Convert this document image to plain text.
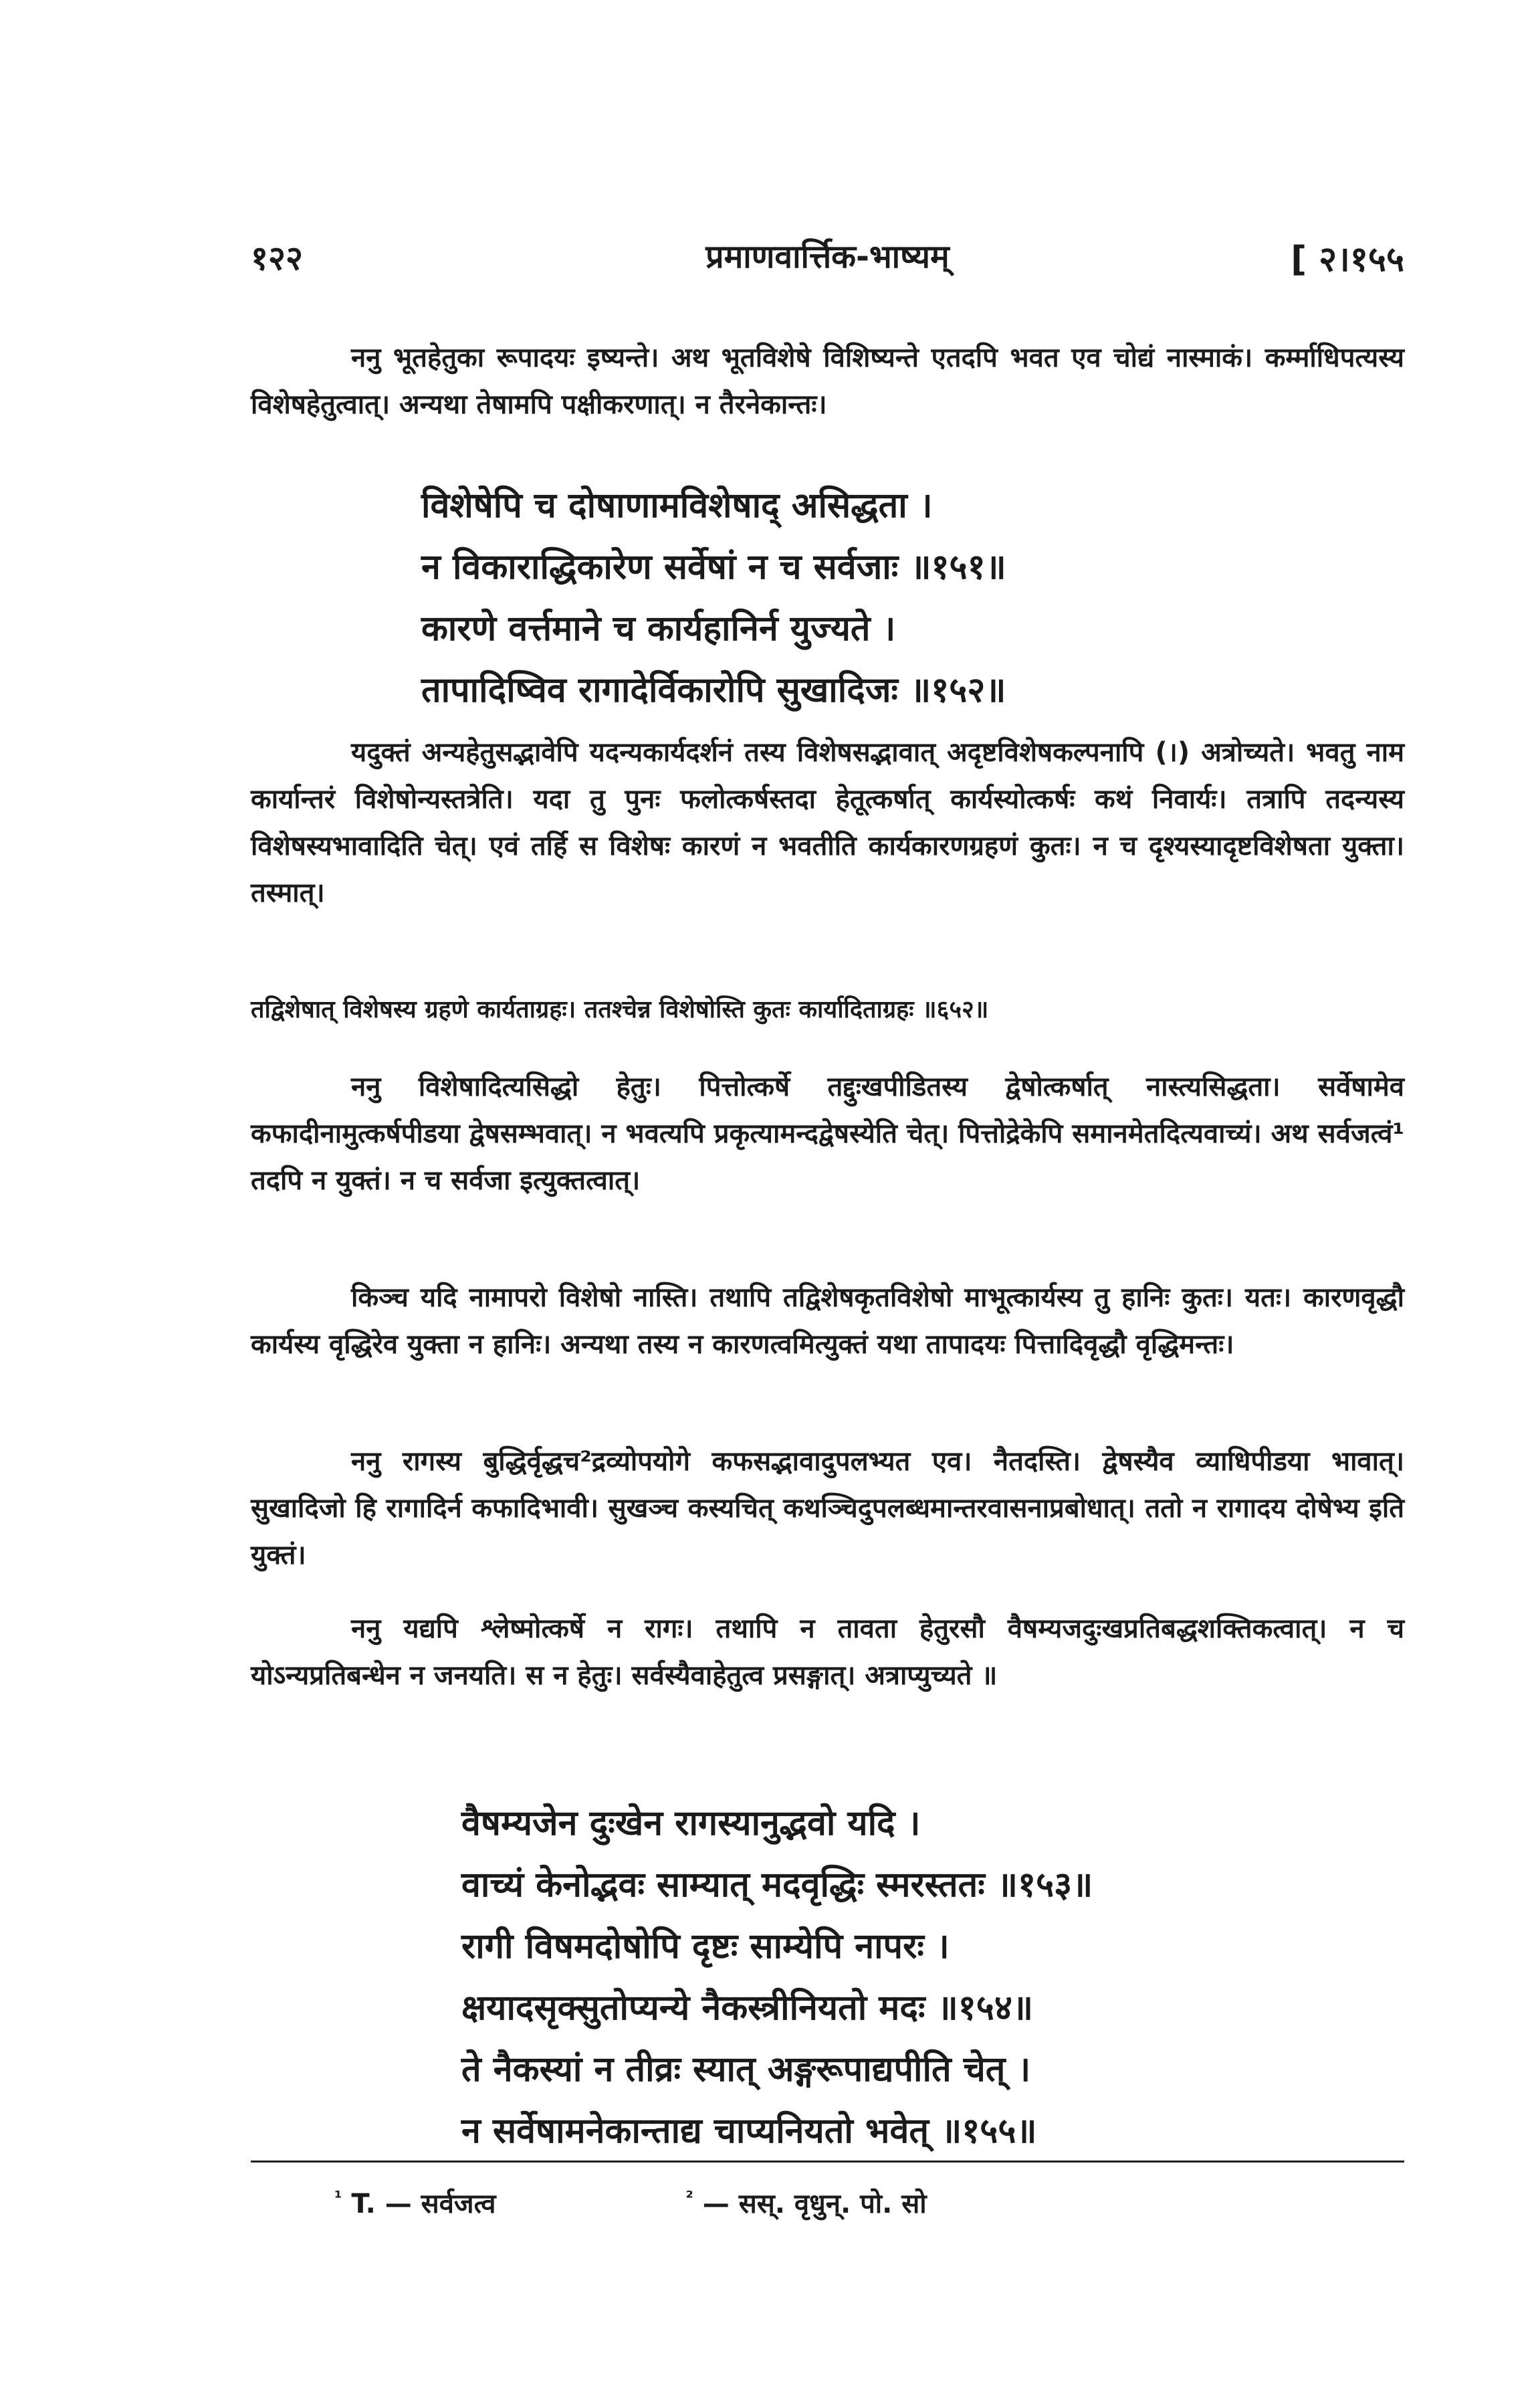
१२२	प्रमाणवार्त्तिक-भाष्यम्	[ २।१५५

ननु भूतहेतुका रूपादयः इष्यन्ते। अथ भूतविशेषे विशिष्यन्ते एतदपि भवत एव चोद्यं नास्माकं। कर्म्माधिपत्यस्य विशेषहेतुत्वात्। अन्यथा तेषामपि पक्षीकरणात्। न तैरनेकान्तः।

विशेषेपि च दोषाणामविशेषाद् असिद्धता ।
न विकाराद्धिकारेण सर्वेषां न च सर्वजाः ॥१५१॥
कारणे वर्त्तमाने च कार्यहानिर्न युज्यते ।
तापादिष्विव रागादेर्विकारोपि सुखादिजः ॥१५२॥

यदुक्तं अन्यहेतुसद्भावेपि यदन्यकार्यदर्शनं तस्य विशेषसद्भावात् अदृष्टविशेषकल्पनापि (।) अत्रोच्यते। भवतु नाम कार्यान्तरं विशेषोन्यस्तत्रेति। यदा तु पुनः फलोत्कर्षस्तदा हेतूत्कर्षात् कार्यस्योत्कर्षः कथं निवार्यः। तत्रापि तदन्यस्य विशेषस्यभावादिति चेत्। एवं तर्हि स विशेषः कारणं न भवतीति कार्यकारणग्रहणं कुतः। न च दृश्यस्यादृष्टविशेषता युक्ता। तस्मात्।

तद्विशेषात् विशेषस्य ग्रहणे कार्यताग्रहः। ततश्चेन्न विशेषोस्ति कुतः कार्यादिताग्रहः ॥६५२॥

ननु विशेषादित्यसिद्धो हेतुः। पित्तोत्कर्षे तद्दुःखपीडितस्य द्वेषोत्कर्षात् नास्त्यसिद्धता। सर्वेषामेव कफादीनामुत्कर्षपीडया द्वेषसम्भवात्। न भवत्यपि प्रकृत्यामन्दद्वेषस्येति चेत्। पित्तोद्रेकेपि समानमेतदित्यवाच्यं। अथ सर्वजत्वं¹ तदपि न युक्तं। न च सर्वजा इत्युक्तत्वात्।

किञ्च यदि नामापरो विशेषो नास्ति। तथापि तद्विशेषकृतविशेषो माभूत्कार्यस्य तु हानिः कुतः। यतः। कारणवृद्धौ कार्यस्य वृद्धिरेव युक्ता न हानिः। अन्यथा तस्य न कारणत्वमित्युक्तं यथा तापादयः पित्तादिवृद्धौ वृद्धिमन्तः।

ननु रागस्य बुद्धिर्वृद्धच²द्रव्योपयोगे कफसद्भावादुपलभ्यत एव। नैतदस्ति। द्वेषस्यैव व्याधिपीडया भावात्। सुखादिजो हि रागादिर्न कफादिभावी। सुखञ्च कस्यचित् कथञ्चिदुपलब्धमान्तरवासनाप्रबोधात्। ततो न रागादय दोषेभ्य इति युक्तं।

ननु यद्यपि श्लेष्मोत्कर्षे न रागः। तथापि न तावता हेतुरसौ वैषम्यजदुःखप्रतिबद्धशक्तिकत्वात्। न च योऽन्यप्रतिबन्धेन न जनयति। स न हेतुः। सर्वस्यैवाहेतुत्व प्रसङ्गात्। अत्राप्युच्यते ॥

वैषम्यजेन दुःखेन रागस्यानुद्भवो यदि ।
वाच्यं केनोद्भवः साम्यात् मदवृद्धिः स्मरस्ततः ॥१५३॥
रागी विषमदोषोपि दृष्टः साम्येपि नापरः ।
क्षयादसृक्सुतोप्यन्ये नैकस्त्रीनियतो मदः ॥१५४॥
ते नैकस्यां न तीव्रः स्यात् अङ्गरूपाद्यपीति चेत् ।
न सर्वेषामनेकान्ताद्य चाप्यनियतो भवेत् ॥१५५॥
$^{^1}$ T. — सर्वजत्व	$^{^2}$ — सस्. वृधुन्. पो. सो
